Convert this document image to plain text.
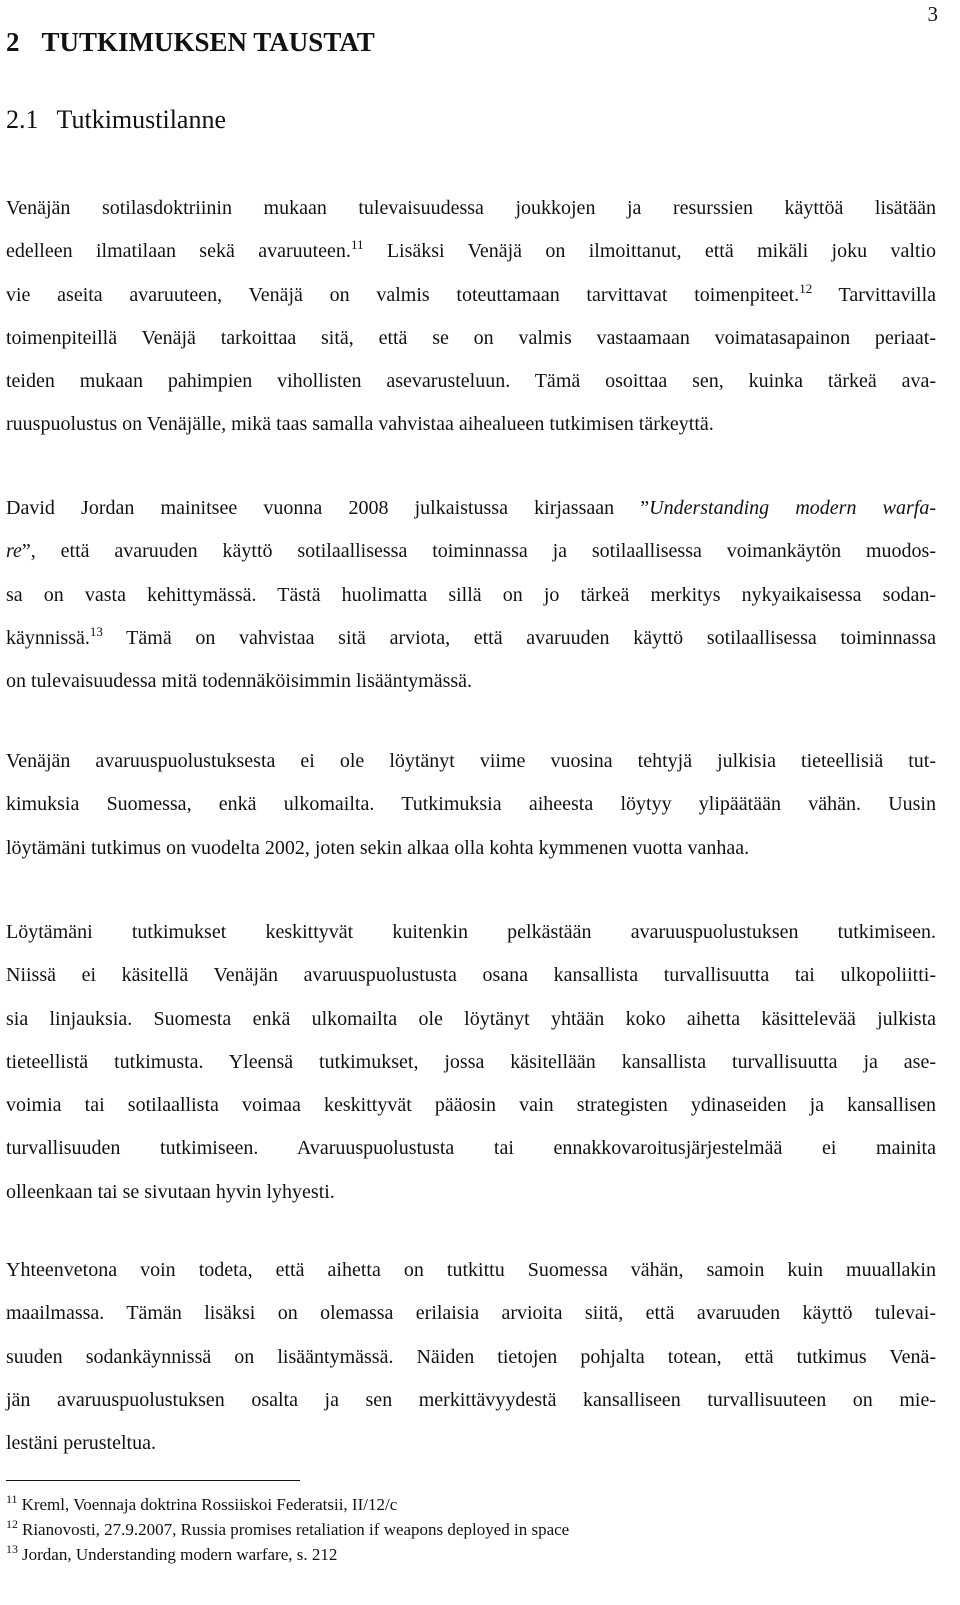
3
2 TUTKIMUKSEN TAUSTAT
2.1 Tutkimustilanne
Venäjän sotilasdoktriinin mukaan tulevaisuudessa joukkojen ja resurssien käyttöä lisätään
edelleen ilmatilaan sekä avaruuteen.$^{11}$ Lisäksi Venäjä on ilmoittanut, että mikäli joku valtio
vie aseita avaruuteen, Venäjä on valmis toteuttamaan tarvittavat toimenpiteet.$^{12}$ Tarvittavilla
toimenpiteillä Venäjä tarkoittaa sitä, että se on valmis vastaamaan voimatasapainon periaat-
teiden mukaan pahimpien vihollisten asevarusteluun. Tämä osoittaa sen, kuinka tärkeä ava-
ruuspuolustus on Venäjälle, mikä taas samalla vahvistaa aihealueen tutkimisen tärkeyttä.
David Jordan mainitsee vuonna 2008 julkaistussa kirjassaan ”Understanding modern warfa-
re”, että avaruuden käyttö sotilaallisessa toiminnassa ja sotilaallisessa voimankäytön muodos-
sa on vasta kehittymässä. Tästä huolimatta sillä on jo tärkeä merkitys nykyaikaisessa sodan-
käynnissä.$^{13}$ Tämä on vahvistaa sitä arviota, että avaruuden käyttö sotilaallisessa toiminnassa
on tulevaisuudessa mitä todennäköisimmin lisääntymässä.
Venäjän avaruuspuolustuksesta ei ole löytänyt viime vuosina tehtyjä julkisia tieteellisiä tut-
kimuksia Suomessa, enkä ulkomailta. Tutkimuksia aiheesta löytyy ylipäätään vähän. Uusin
löytämäni tutkimus on vuodelta 2002, joten sekin alkaa olla kohta kymmenen vuotta vanhaa.
Löytämäni tutkimukset keskittyvät kuitenkin pelkästään avaruuspuolustuksen tutkimiseen.
Niissä ei käsitellä Venäjän avaruuspuolustusta osana kansallista turvallisuutta tai ulkopoliitti-
sia linjauksia. Suomesta enkä ulkomailta ole löytänyt yhtään koko aihetta käsittelevää julkista
tieteellistä tutkimusta. Yleensä tutkimukset, jossa käsitellään kansallista turvallisuutta ja ase-
voimia tai sotilaallista voimaa keskittyvät pääosin vain strategisten ydinaseiden ja kansallisen
turvallisuuden tutkimiseen. Avaruuspuolustusta tai ennakkovaroitusjärjestelmää ei mainita
olleenkaan tai se sivutaan hyvin lyhyesti.
Yhteenvetona voin todeta, että aihetta on tutkittu Suomessa vähän, samoin kuin muuallakin
maailmassa. Tämän lisäksi on olemassa erilaisia arvioita siitä, että avaruuden käyttö tulevai-
suuden sodankäynnissä on lisääntymässä. Näiden tietojen pohjalta totean, että tutkimus Venä-
jän avaruuspuolustuksen osalta ja sen merkittävyydestä kansalliseen turvallisuuteen on mie-
lestäni perusteltua.
$^{11}$ Kreml, Voennaja doktrina Rossiiskoi Federatsii, II/12/c
$^{12}$ Rianovosti, 27.9.2007, Russia promises retaliation if weapons deployed in space
$^{13}$ Jordan, Understanding modern warfare, s. 212
